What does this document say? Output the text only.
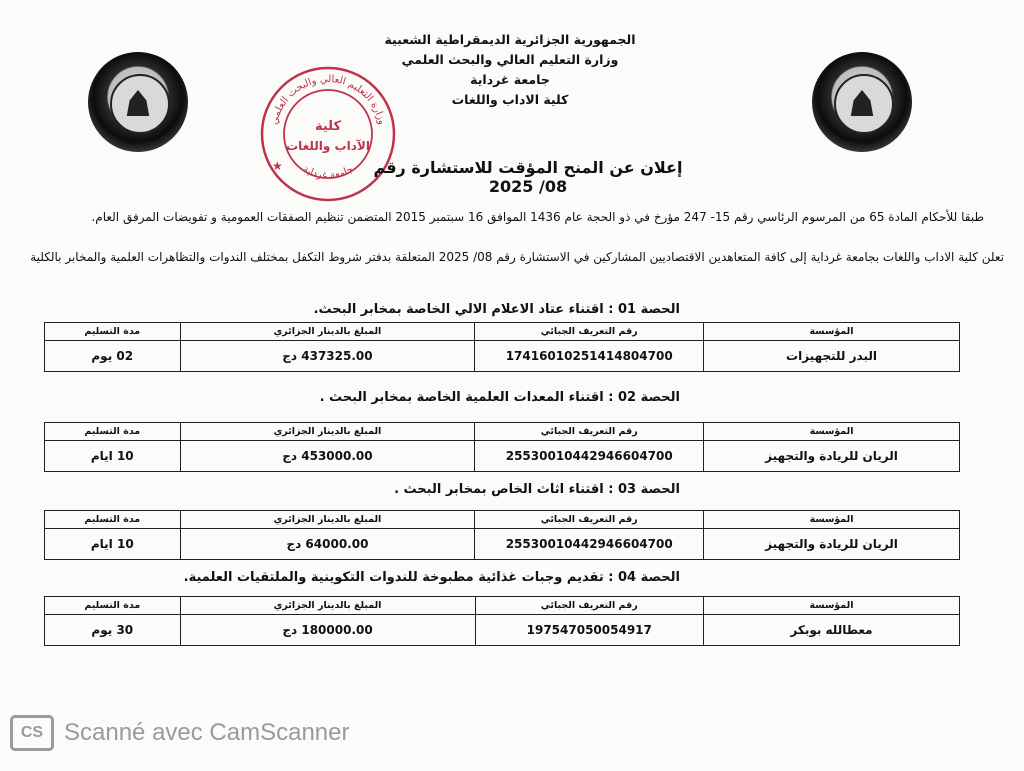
الجمهورية الجزائرية الديمقراطية الشعبية
وزارة التعليم العالي والبحث العلمي
جامعة غرداية
كلية الاداب واللغات
وزارة التعليم العالي والبحث العلمي
جامعة غرداية
كلية
الآداب واللغات
★	إعلان عن المنح المؤقت للاستشارة رقم 08/ 2025
طبقا للأحكام المادة 65 من المرسوم الرئاسي رقم 15- 247 مؤرخ في ذو الحجة عام 1436 الموافق 16 سبتمبر 2015 المتضمن تنظيم الصفقات العمومية و تفويضات المرفق العام.
تعلن كلية الاداب واللغات بجامعة غرداية إلى كافة المتعاهدين الاقتصاديين المشاركين في الاستشارة رقم 08/ 2025 المتعلقة بدفتر شروط التكفل بمختلف الندوات والتظاهرات العلمية والمخابر بالكلية
الحصة 01 : اقتناء عتاد الاعلام الالي الخاصة بمخابر البحث.
المؤسسة	رقم التعريف الجبائي	المبلغ بالدينار الجزائري	مدة التسليم
البدر للتجهيزات	1741601025141480470​0	437325.00 دج	02 يوم
الحصة 02 : اقتناء المعدات العلمية الخاصة بمخابر البحث .
المؤسسة	رقم التعريف الجبائي	المبلغ بالدينار الجزائري	مدة التسليم
الريان للريادة والتجهيز	25530010442946604700	453000.00 دج	10 ايام
الحصة 03 : اقتناء اثاث الخاص بمخابر البحث .
المؤسسة	رقم التعريف الجبائي	المبلغ بالدينار الجزائري	مدة التسليم
الريان للريادة والتجهيز	25530010442946604700	64000.00 دج	10 ايام
الحصة 04 : تقديم وجبات غذائية مطبوخة للندوات التكوينية والملتقيات العلمية.
المؤسسة	رقم التعريف الجبائي	المبلغ بالدينار الجزائري	مدة التسليم
معطالله بوبكر	197547050054917	180000.00 دج	30 يوم
CS Scanné avec CamScanner
